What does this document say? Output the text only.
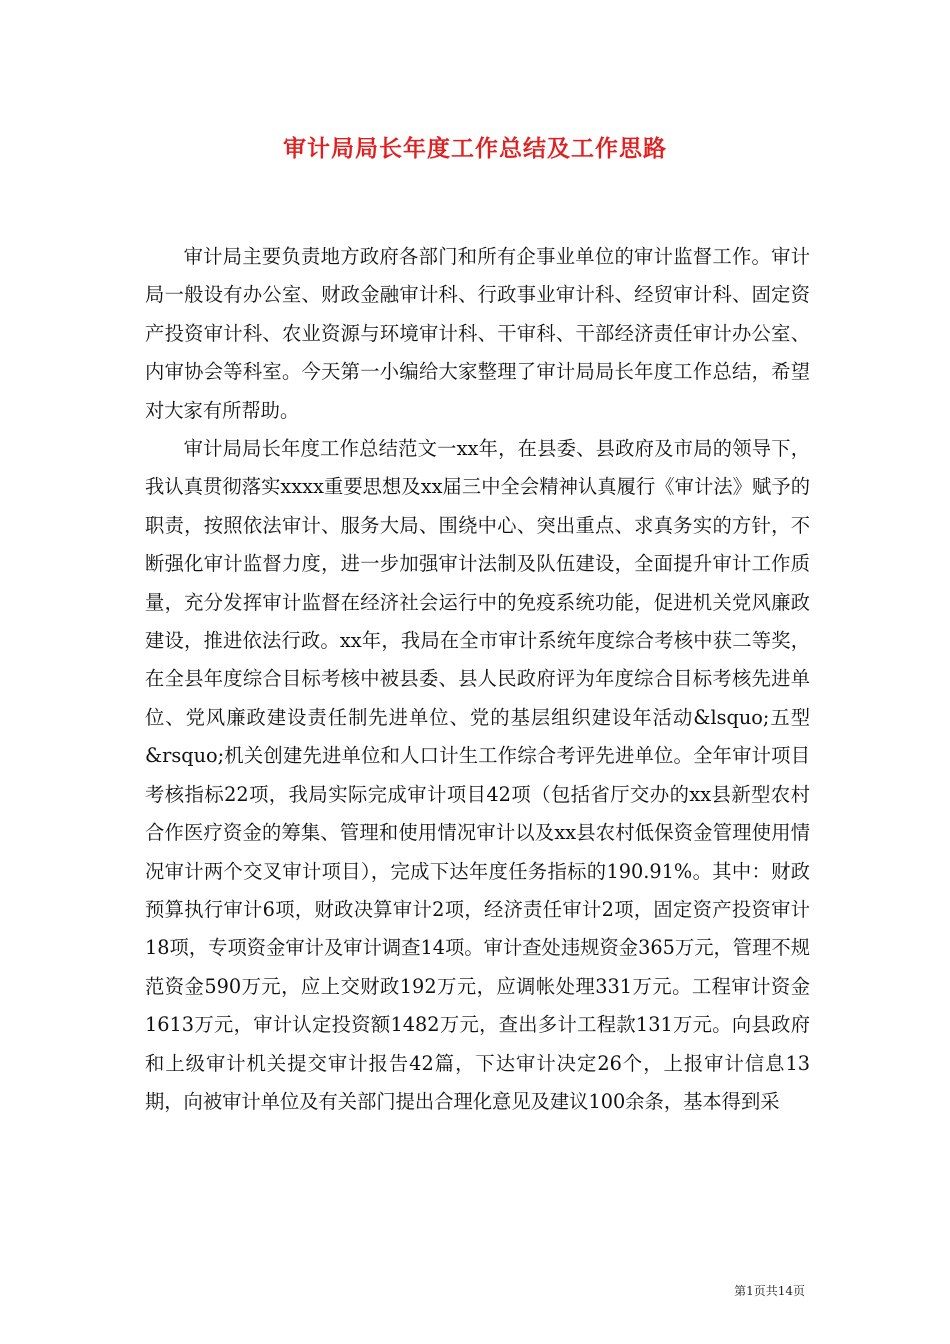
审计局局长年度工作总结及工作思路

审计局主要负责地方政府各部门和所有企事业单位的审计监督工作。审计局一般设有办公室、财政金融审计科、行政事业审计科、经贸审计科、固定资产投资审计科、农业资源与环境审计科、干审科、干部经济责任审计办公室、内审协会等科室。今天第一小编给大家整理了审计局局长年度工作总结，希望对大家有所帮助。

审计局局长年度工作总结范文一xx年，在县委、县政府及市局的领导下，我认真贯彻落实xxxx重要思想及xx届三中全会精神认真履行《审计法》赋予的职责，按照依法审计、服务大局、围绕中心、突出重点、求真务实的方针，不断强化审计监督力度，进一步加强审计法制及队伍建设，全面提升审计工作质量，充分发挥审计监督在经济社会运行中的免疫系统功能，促进机关党风廉政建设，推进依法行政。xx年，我局在全市审计系统年度综合考核中获二等奖，在全县年度综合目标考核中被县委、县人民政府评为年度综合目标考核先进单位、党风廉政建设责任制先进单位、党的基层组织建设年活动&lsquo;五型&rsquo;机关创建先进单位和人口计生工作综合考评先进单位。全年审计项目考核指标22项，我局实际完成审计项目42项（包括省厅交办的xx县新型农村合作医疗资金的筹集、管理和使用情况审计以及xx县农村低保资金管理使用情况审计两个交叉审计项目），完成下达年度任务指标的190.91%。其中：财政预算执行审计6项，财政决算审计2项，经济责任审计2项，固定资产投资审计18项，专项资金审计及审计调查14项。审计查处违规资金365万元，管理不规范资金590万元，应上交财政192万元，应调帐处理331万元。工程审计资金1613万元，审计认定投资额1482万元，查出多计工程款131万元。向县政府和上级审计机关提交审计报告42篇，下达审计决定26个，上报审计信息13期，向被审计单位及有关部门提出合理化意见及建议100余条，基本得到采

第1页共14页
